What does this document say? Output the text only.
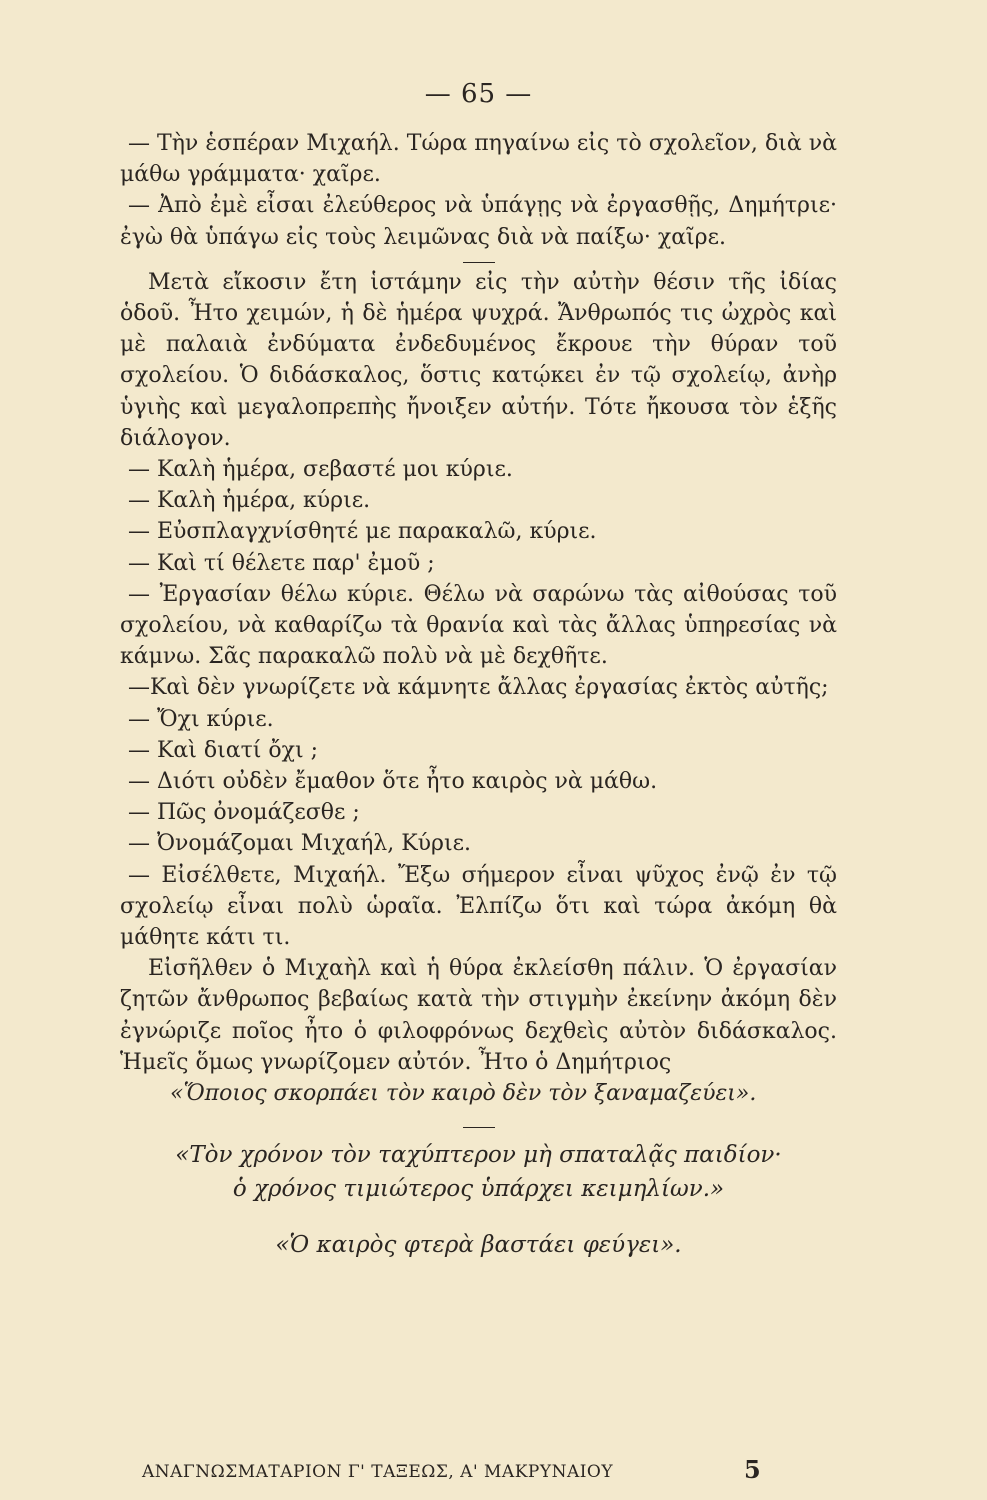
— 65 —

— Τὴν ἑσπέραν Μιχαήλ. Τώρα πηγαίνω εἰς τὸ σχολεῖον, διὰ νὰ μάθω γράμματα· χαῖρε.

— Ἀπὸ ἐμὲ εἶσαι ἐλεύθερος νὰ ὑπάγῃς νὰ ἐργασθῇς, Δημήτριε· ἐγὼ θὰ ὑπάγω εἰς τοὺς λειμῶνας διὰ νὰ παίξω· χαῖρε.

Μετὰ εἴκοσιν ἔτη ἱστάμην εἰς τὴν αὐτὴν θέσιν τῆς ἰδίας ὁδοῦ. Ἦτο χειμών, ἡ δὲ ἡμέρα ψυχρά. Ἄνθρωπός τις ὠχρὸς καὶ μὲ παλαιὰ ἐνδύματα ἐνδεδυμένος ἔκρουε τὴν θύραν τοῦ σχολείου. Ὁ διδάσκαλος, ὅστις κατῴκει ἐν τῷ σχολείῳ, ἀνὴρ ὑγιὴς καὶ μεγαλοπρεπὴς ἤνοιξεν αὐτήν. Τότε ἤκουσα τὸν ἑξῆς διάλογον.

— Καλὴ ἡμέρα, σεβαστέ μοι κύριε.

— Καλὴ ἡμέρα, κύριε.

— Εὐσπλαγχνίσθητέ με παρακαλῶ, κύριε.

— Καὶ τί θέλετε παρ' ἐμοῦ ;

— Ἐργασίαν θέλω κύριε. Θέλω νὰ σαρώνω τὰς αἰθούσας τοῦ σχολείου, νὰ καθαρίζω τὰ θρανία καὶ τὰς ἄλλας ὑπηρεσίας νὰ κάμνω. Σᾶς παρακαλῶ πολὺ νὰ μὲ δεχθῆτε.

—Καὶ δὲν γνωρίζετε νὰ κάμνητε ἄλλας ἐργασίας ἐκτὸς αὐτῆς;

— Ὄχι κύριε.

— Καὶ διατί ὄχι ;

— Διότι οὐδὲν ἔμαθον ὅτε ἦτο καιρὸς νὰ μάθω.

— Πῶς ὀνομάζεσθε ;

— Ὀνομάζομαι Μιχαήλ, Κύριε.

— Εἰσέλθετε, Μιχαήλ. Ἔξω σήμερον εἶναι ψῦχος ἐνῷ ἐν τῷ σχολείῳ εἶναι πολὺ ὡραῖα. Ἐλπίζω ὅτι καὶ τώρα ἀκόμη θὰ μάθητε κάτι τι.

Εἰσῆλθεν ὁ Μιχαὴλ καὶ ἡ θύρα ἐκλείσθη πάλιν. Ὁ ἐργασίαν ζητῶν ἄνθρωπος βεβαίως κατὰ τὴν στιγμὴν ἐκείνην ἀκόμη δὲν ἐγνώριζε ποῖος ἦτο ὁ φιλοφρόνως δεχθεὶς αὐτὸν διδάσκαλος. Ἡμεῖς ὅμως γνωρίζομεν αὐτόν. Ἦτο ὁ Δημήτριος

«Ὅποιος σκορπάει τὸν καιρὸ δὲν τὸν ξαναμαζεύει».

«Τὸν χρόνον τὸν ταχύπτερον μὴ σπαταλᾷς παιδίον·

ὁ χρόνος τιμιώτερος ὑπάρχει κειμηλίων.»

«Ὁ καιρὸς φτερὰ βαστάει φεύγει».
ΑΝΑΓΝΩΣΜΑΤΑΡΙΟΝ Γ' ΤΑΞΕΩΣ, Α' ΜΑΚΡΥΝΑΙΟΥ	5
